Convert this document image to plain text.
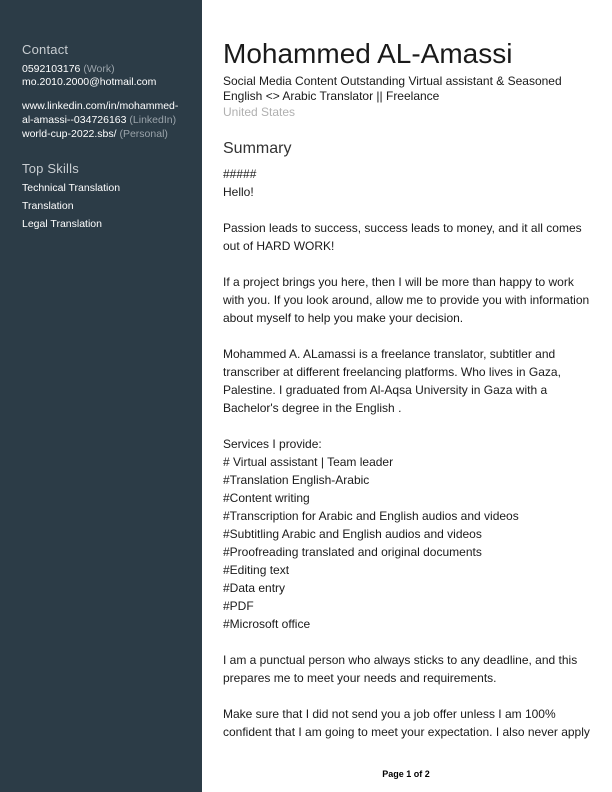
Contact
0592103176 (Work)
mo.2010.2000@hotmail.com
www.linkedin.com/in/mohammed-
al-amassi--034726163 (LinkedIn)
world-cup-2022.sbs/ (Personal)
Top Skills
Technical Translation
Translation
Legal Translation
Mohammed AL-Amassi
Social Media Content Outstanding Virtual assistant & Seasoned English <> Arabic Translator || Freelance
United States
Summary
#####
Hello!
Passion leads to success, success leads to money, and it all comes
out of HARD WORK!
If a project brings you here, then I will be more than happy to work
with you. If you look around, allow me to provide you with information
about myself to help you make your decision.
Mohammed A. ALamassi is a freelance translator, subtitler and
transcriber at different freelancing platforms. Who lives in Gaza,
Palestine. I graduated from Al-Aqsa University in Gaza with a
Bachelor's degree in the English .
Services I provide:
# Virtual assistant | Team leader
#Translation English-Arabic
#Content writing
#Transcription for Arabic and English audios and videos
#Subtitling Arabic and English audios and videos
#Proofreading translated and original documents
#Editing text
#Data entry
#PDF
#Microsoft office
I am a punctual person who always sticks to any deadline, and this
prepares me to meet your needs and requirements.
Make sure that I did not send you a job offer unless I am 100%
confident that I am going to meet your expectation. I also never apply
Page 1 of 2
